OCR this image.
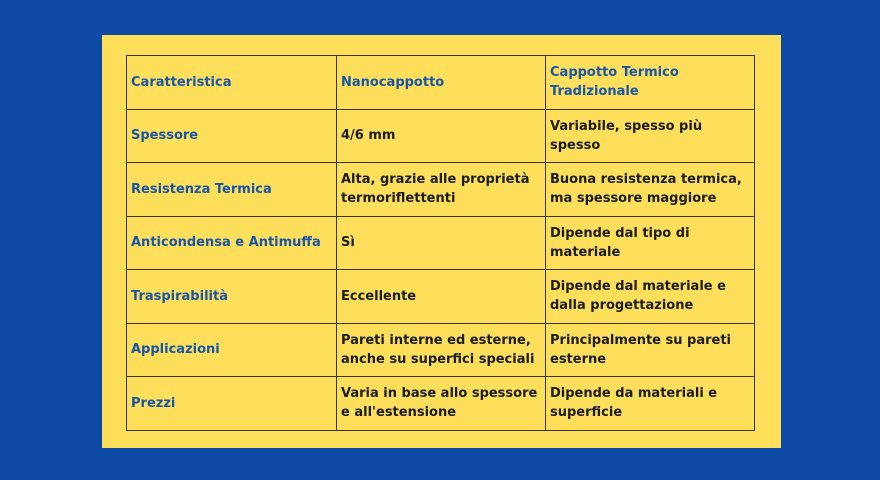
Caratteristica	Nanocappotto	Cappotto Termico Tradizionale
Spessore	4/6 mm	Variabile, spesso più spesso
Resistenza Termica	Alta, grazie alle proprietà termoriflettenti	Buona resistenza termica, ma spessore maggiore
Anticondensa e Antimuffa	Sì	Dipende dal tipo di materiale
Traspirabilità	Eccellente	Dipende dal materiale e dalla progettazione
Applicazioni	Pareti interne ed esterne, anche su superfici speciali	Principalmente su pareti esterne
Prezzi	Varia in base allo spessore e all'estensione	Dipende da materiali e superficie
